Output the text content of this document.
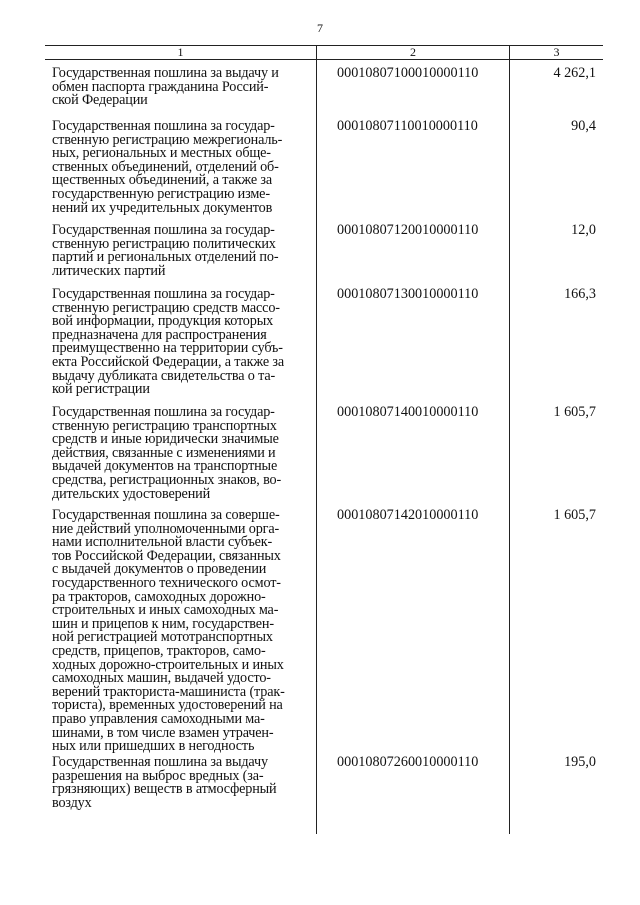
7
1	2	3
Государственная пошлина за выдачу и
обмен паспорта гражданина Россий-
ской Федерации
00010807100010000110	4 262,1
Государственная пошлина за государ-
ственную регистрацию межрегиональ-
ных, региональных и местных обще-
ственных объединений, отделений об-
щественных объединений, а также за
государственную регистрацию изме-
нений их учредительных документов
00010807110010000110	90,4
Государственная пошлина за государ-
ственную регистрацию политических
партий и региональных отделений по-
литических партий
00010807120010000110	12,0
Государственная пошлина за государ-
ственную регистрацию средств массо-
вой информации, продукция которых
предназначена для распространения
преимущественно на территории субъ-
екта Российской Федерации, а также за
выдачу дубликата свидетельства о та-
кой регистрации
00010807130010000110	166,3
Государственная пошлина за государ-
ственную регистрацию транспортных
средств и иные юридически значимые
действия, связанные с изменениями и
выдачей документов на транспортные
средства, регистрационных знаков, во-
дительских удостоверений
00010807140010000110	1 605,7
Государственная пошлина за соверше-
ние действий уполномоченными орга-
нами исполнительной власти субъек-
тов Российской Федерации, связанных
с выдачей документов о проведении
государственного технического осмот-
ра тракторов, самоходных дорожно-
строительных и иных самоходных ма-
шин и прицепов к ним, государствен-
ной регистрацией мототранспортных
средств, прицепов, тракторов, само-
ходных дорожно-строительных и иных
самоходных машин, выдачей удосто-
верений тракториста-машиниста (трак-
ториста), временных удостоверений на
право управления самоходными ма-
шинами, в том числе взамен утрачен-
ных или пришедших в негодность
00010807142010000110	1 605,7
Государственная пошлина за выдачу
разрешения на выброс вредных (за-
грязняющих) веществ в атмосферный
воздух
00010807260010000110	195,0
